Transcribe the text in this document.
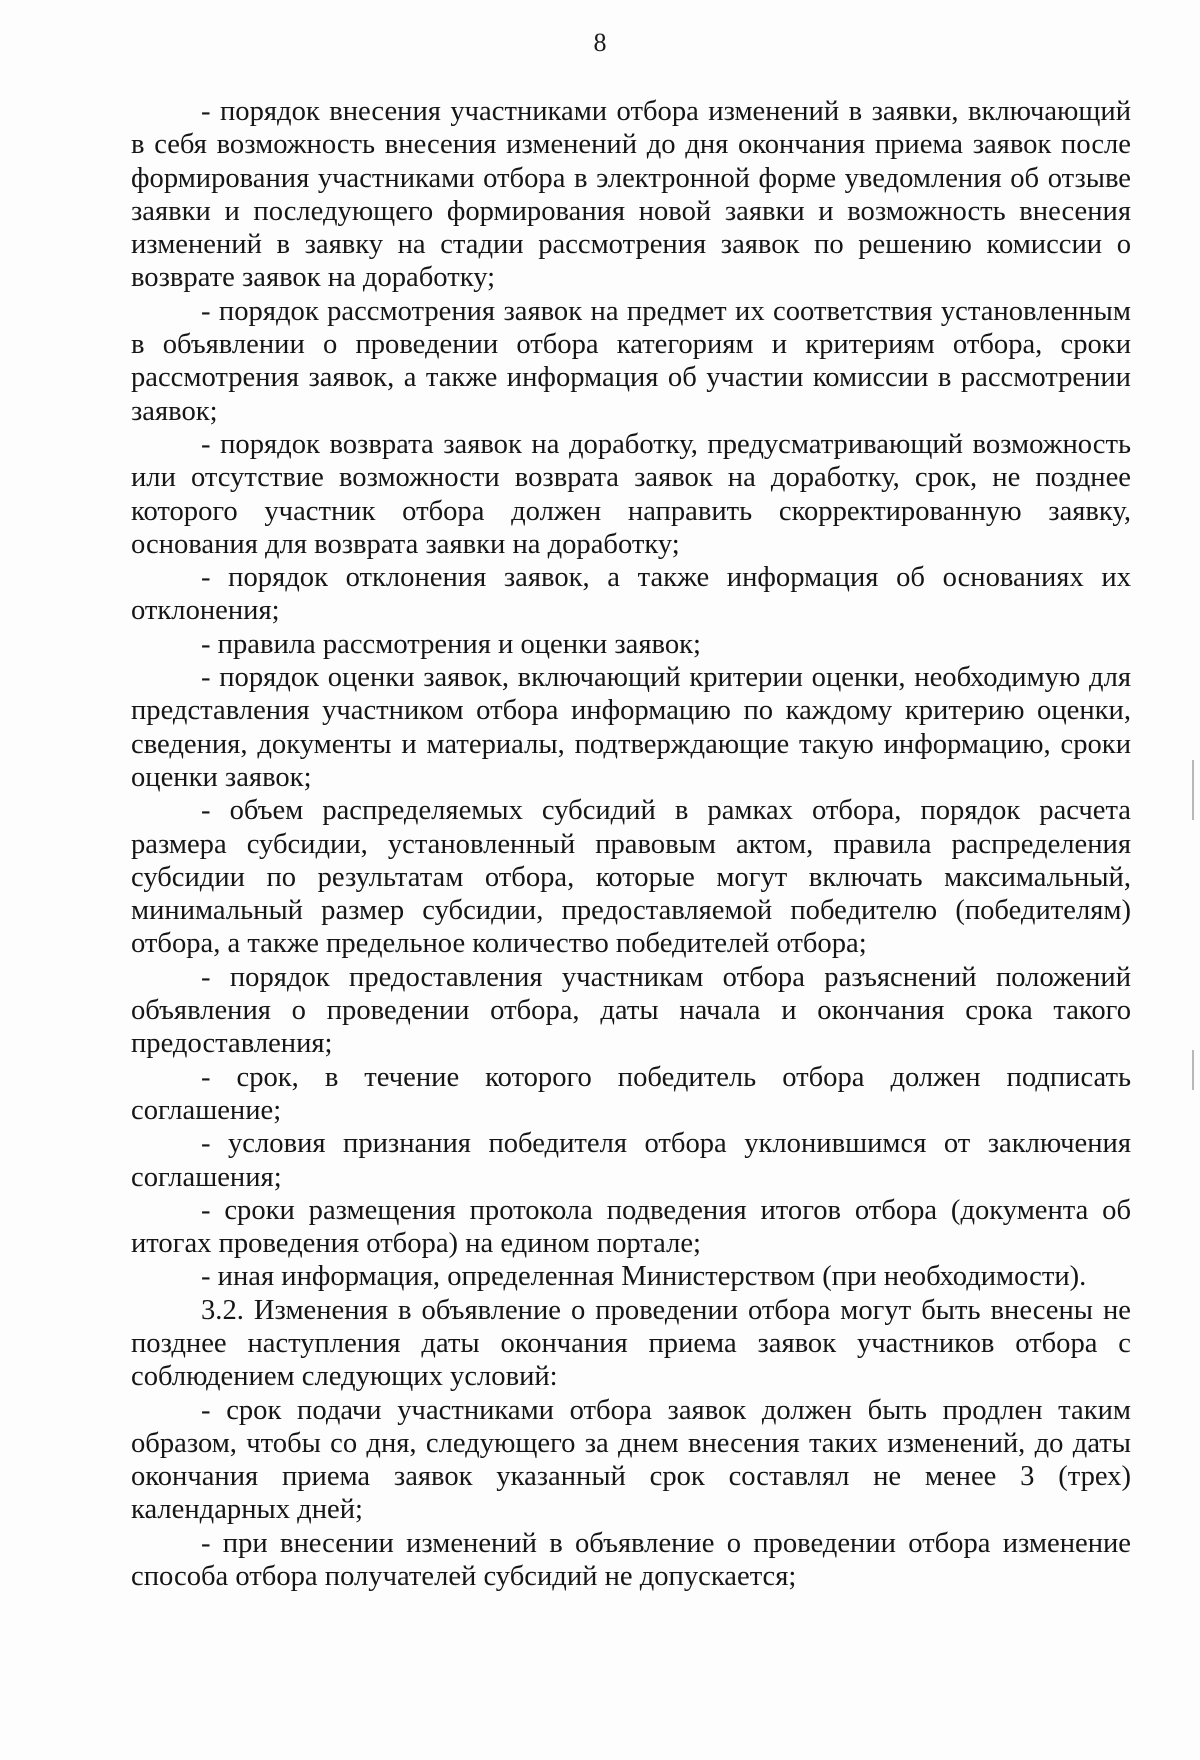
8

- порядок внесения участниками отбора изменений в заявки, включающий в себя возможность внесения изменений до дня окончания приема заявок после формирования участниками отбора в электронной форме уведомления об отзыве заявки и последующего формирования новой заявки и возможность внесения изменений в заявку на стадии рассмотрения заявок по решению комиссии о возврате заявок на доработку;

- порядок рассмотрения заявок на предмет их соответствия установленным в объявлении о проведении отбора категориям и критериям отбора, сроки рассмотрения заявок, а также информация об участии комиссии в рассмотрении заявок;

- порядок возврата заявок на доработку, предусматривающий возможность или отсутствие возможности возврата заявок на доработку, срок, не позднее которого участник отбора должен направить скорректированную заявку, основания для возврата заявки на доработку;

- порядок отклонения заявок, а также информация об основаниях их отклонения;

- правила рассмотрения и оценки заявок;

- порядок оценки заявок, включающий критерии оценки, необходимую для представления участником отбора информацию по каждому критерию оценки, сведения, документы и материалы, подтверждающие такую информацию, сроки оценки заявок;

- объем распределяемых субсидий в рамках отбора, порядок расчета размера субсидии, установленный правовым актом, правила распределения субсидии по результатам отбора, которые могут включать максимальный, минимальный размер субсидии, предоставляемой победителю (победителям) отбора, а также предельное количество победителей отбора;

- порядок предоставления участникам отбора разъяснений положений объявления о проведении отбора, даты начала и окончания срока такого предоставления;

- срок, в течение которого победитель отбора должен подписать соглашение;

- условия признания победителя отбора уклонившимся от заключения соглашения;

- сроки размещения протокола подведения итогов отбора (документа об итогах проведения отбора) на едином портале;

- иная информация, определенная Министерством (при необходимости).

3.2. Изменения в объявление о проведении отбора могут быть внесены не позднее наступления даты окончания приема заявок участников отбора с соблюдением следующих условий:

- срок подачи участниками отбора заявок должен быть продлен таким образом, чтобы со дня, следующего за днем внесения таких изменений, до даты окончания приема заявок указанный срок составлял не менее 3 (трех) календарных дней;

- при внесении изменений в объявление о проведении отбора изменение способа отбора получателей субсидий не допускается;
